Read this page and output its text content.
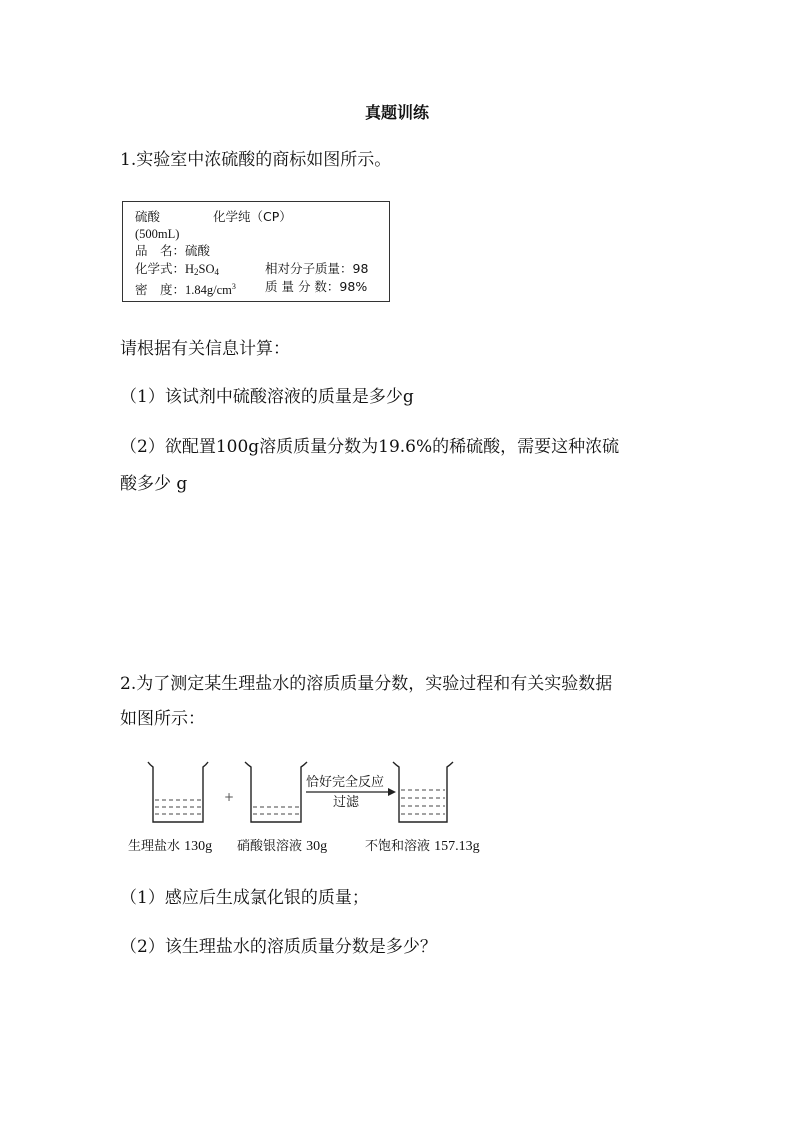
真题训练
1.实验室中浓硫酸的商标如图所示。
硫酸	化学纯（CP）
(500mL)
品　名：硫酸
化学式：$H_2SO_4$	相对分子质量：98
密　度：$1.84g/cm^3$ 质 量 分 数：98%
请根据有关信息计算：
（1）该试剂中硫酸溶液的质量是多少g
（2）欲配置100g溶质质量分数为19.6%的稀硫酸，需要这种浓硫
酸多少 g
2.为了测定某生理盐水的溶质质量分数，实验过程和有关实验数据
如图所示：
+
恰好完全反应
过滤
生理盐水 130g 硝酸银溶液 30g	不饱和溶液 157.13g
（1）感应后生成氯化银的质量；
（2）该生理盐水的溶质质量分数是多少？
